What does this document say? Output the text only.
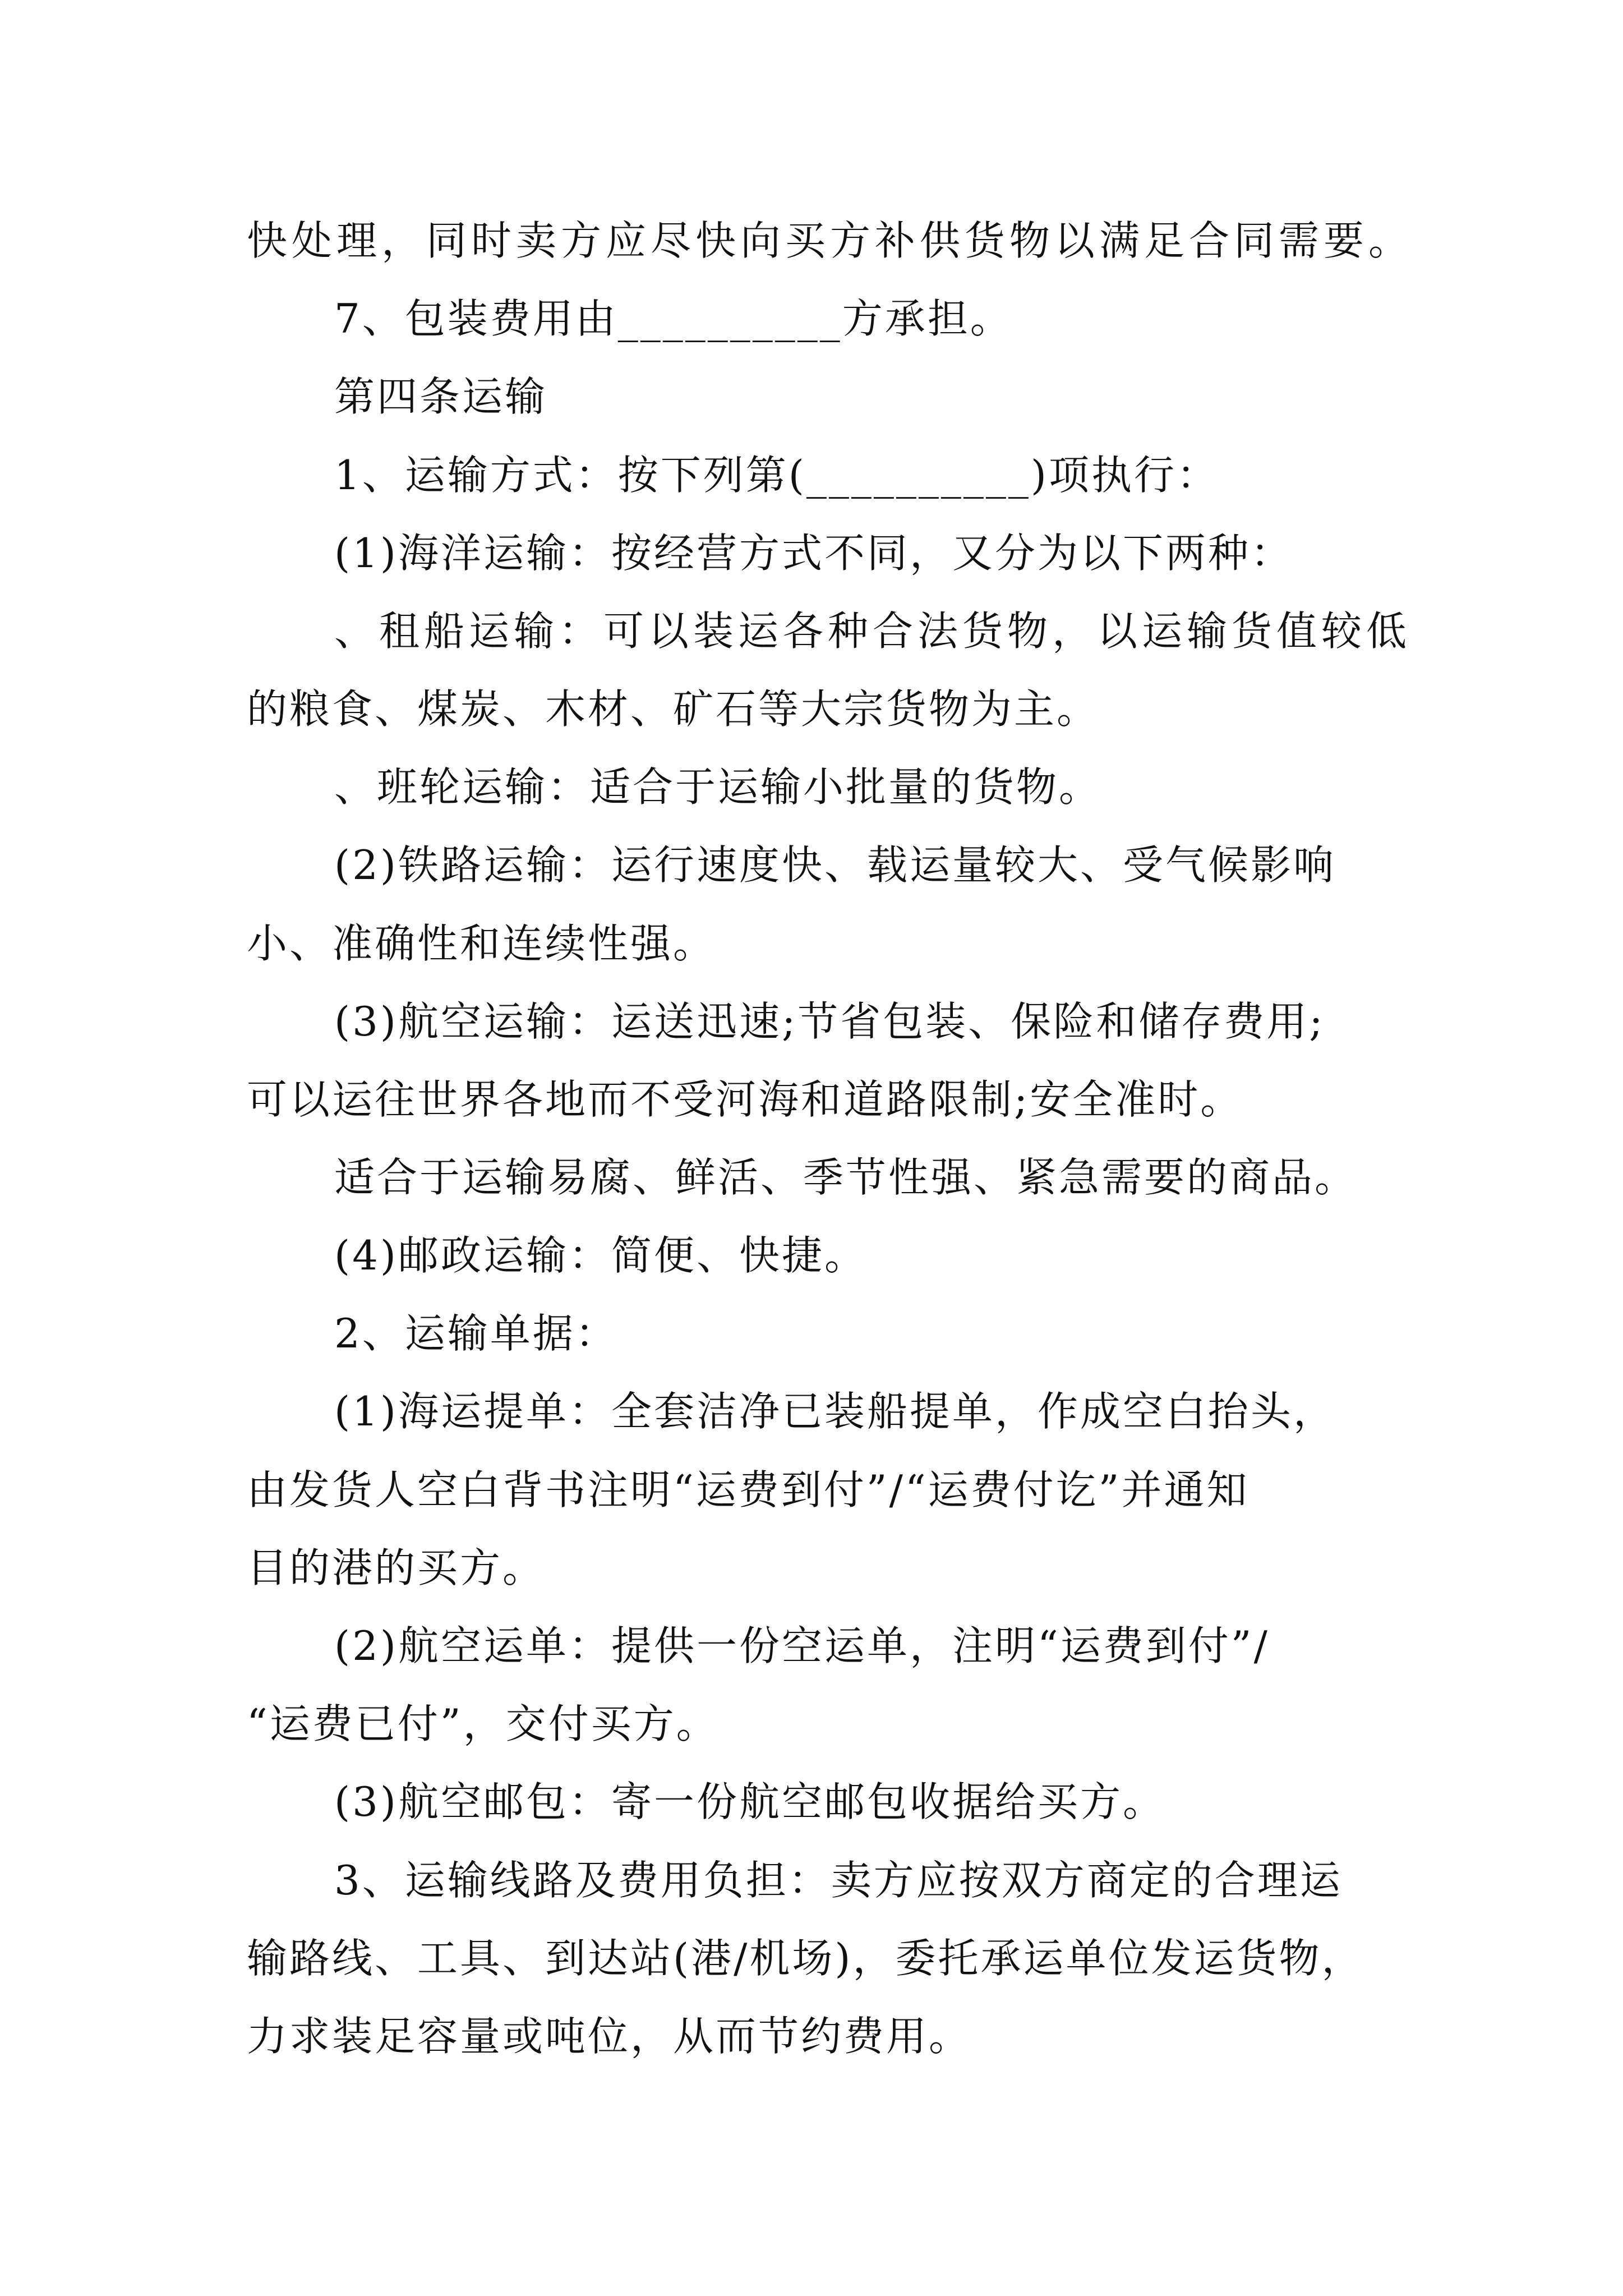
快处理，同时卖方应尽快向买方补供货物以满足合同需要。
7、包装费用由__________方承担。
第四条运输
1、运输方式：按下列第(__________)项执行：
(1)海洋运输：按经营方式不同，又分为以下两种：
、租船运输：可以装运各种合法货物，以运输货值较低
的粮食、煤炭、木材、矿石等大宗货物为主。
、班轮运输：适合于运输小批量的货物。
(2)铁路运输：运行速度快、载运量较大、受气候影响
小、准确性和连续性强。
(3)航空运输：运送迅速;节省包装、保险和储存费用;
可以运往世界各地而不受河海和道路限制;安全准时。
适合于运输易腐、鲜活、季节性强、紧急需要的商品。
(4)邮政运输：简便、快捷。
2、运输单据：
(1)海运提单：全套洁净已装船提单，作成空白抬头，
由发货人空白背书注明“运费到付”/“运费付讫”并通知
目的港的买方。
(2)航空运单：提供一份空运单，注明“运费到付”/
“运费已付”，交付买方。
(3)航空邮包：寄一份航空邮包收据给买方。
3、运输线路及费用负担：卖方应按双方商定的合理运
输路线、工具、到达站(港/机场)，委托承运单位发运货物，
力求装足容量或吨位，从而节约费用。
